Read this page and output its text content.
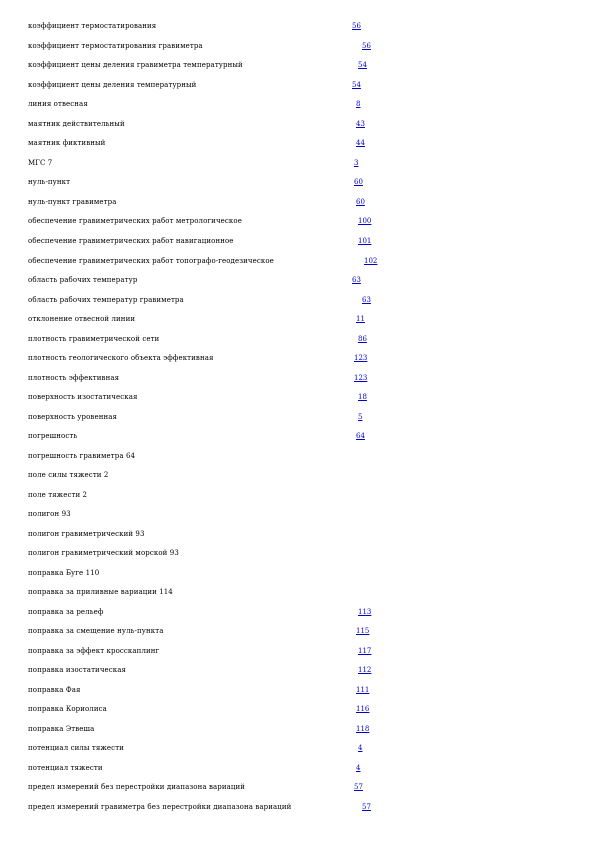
коэффициент термостатирования	56
коэффициент термостатирования гравиметра	56
коэффициент цены деления гравиметра температурный	54
коэффициент цены деления температурный	54
линия отвесная	8
маятник действительный	43
маятник фиктивный	44
МГС 7	3
нуль-пункт	60
нуль-пункт гравиметра	60
обеспечение гравиметрических работ метрологическое	100
обеспечение гравиметрических работ навигационное	101
обеспечение гравиметрических работ топографо-геодезическое	102
область рабочих температур	63
область рабочих температур гравиметра	63
отклонение отвесной линии	11
плотность гравиметрической сети	86
плотность геологического объекта эффективная	123
плотность эффективная	123
поверхность изостатическая	18
поверхность уровенная	5
погрешность	64
погрешность гравиметра 64
поле силы тяжести 2
поле тяжести 2
полигон 93
полигон гравиметрический 93
полигон гравиметрический морской 93
поправка Буге 110
поправка за приливные вариации 114
поправка за рельеф	113
поправка за смещение нуль-пункта	115
поправка за эффект кросскаплинг	117
поправка изостатическая	112
поправка Фая	111
поправка Кориолиса	116
поправка Этвеша	118
потенциал силы тяжести	4
потенциал тяжести	4
предел измерений без перестройки диапазона вариаций	57
предел измерений гравиметра без перестройки диапазона вариаций	57
